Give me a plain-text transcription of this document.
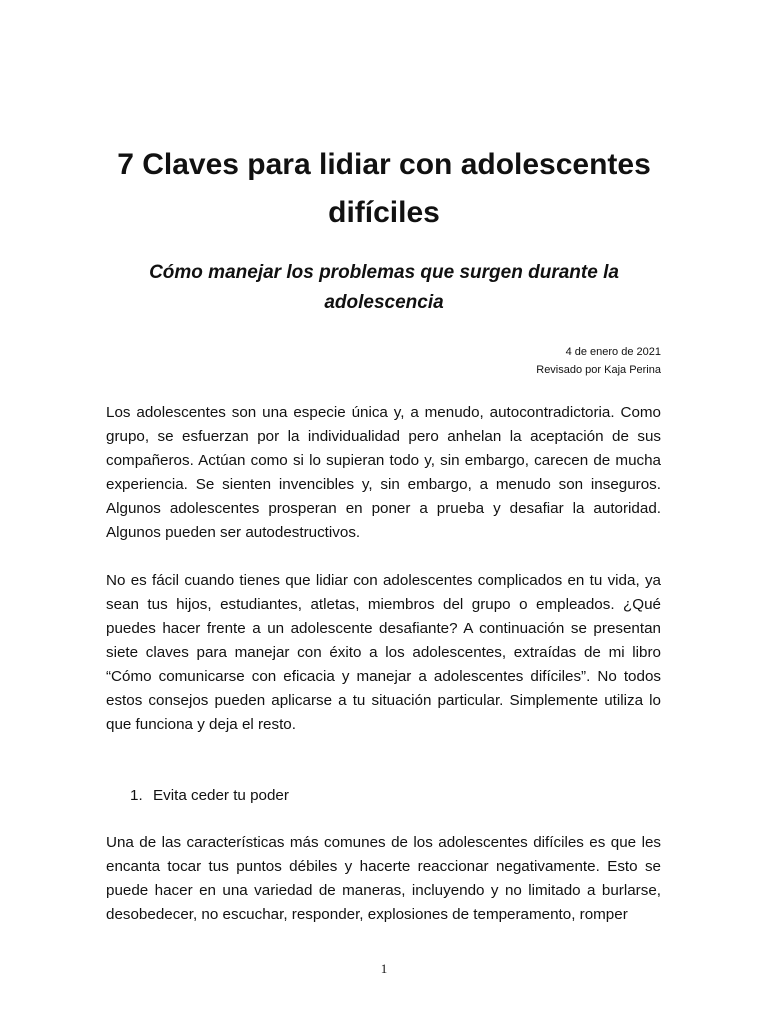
7 Claves para lidiar con adolescentes difíciles
Cómo manejar los problemas que surgen durante la adolescencia
4 de enero de 2021
Revisado por Kaja Perina

Los adolescentes son una especie única y, a menudo, autocontradictoria. Como grupo, se esfuerzan por la individualidad pero anhelan la aceptación de sus compañeros. Actúan como si lo supieran todo y, sin embargo, carecen de mucha experiencia. Se sienten invencibles y, sin embargo, a menudo son inseguros. Algunos adolescentes prosperan en poner a prueba y desafiar la autoridad. Algunos pueden ser autodestructivos.

No es fácil cuando tienes que lidiar con adolescentes complicados en tu vida, ya sean tus hijos, estudiantes, atletas, miembros del grupo o empleados. ¿Qué puedes hacer frente a un adolescente desafiante? A continuación se presentan siete claves para manejar con éxito a los adolescentes, extraídas de mi libro “Cómo comunicarse con eficacia y manejar a adolescentes difíciles”. No todos estos consejos pueden aplicarse a tu situación particular. Simplemente utiliza lo que funciona y deja el resto.

1. Evita ceder tu poder

Una de las características más comunes de los adolescentes difíciles es que les encanta tocar tus puntos débiles y hacerte reaccionar negativamente. Esto se puede hacer en una variedad de maneras, incluyendo y no limitado a burlarse, desobedecer, no escuchar, responder, explosiones de temperamento, romper

1
